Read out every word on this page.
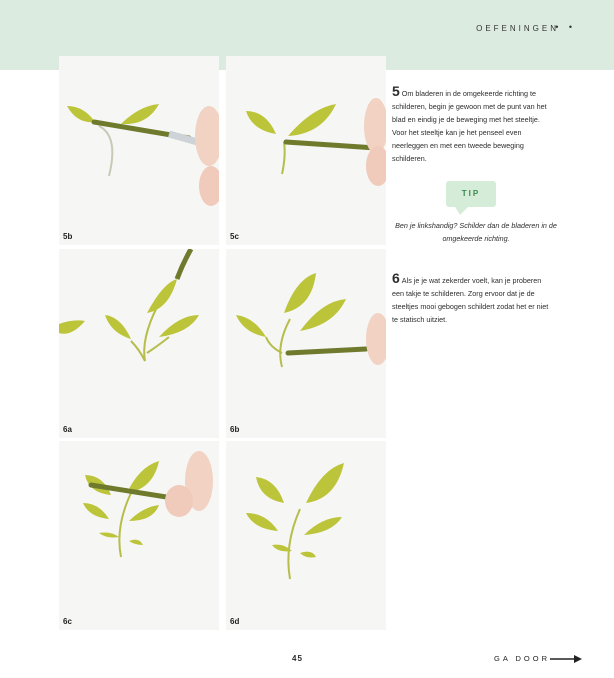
OEFENINGEN
• •
5b	5c
6a	6b
6c	6d
5 Om bladeren in de omgekeerde richting te schilderen, begin je gewoon met de punt van het blad en eindig je de beweging met het steeltje. Voor het steeltje kan je het penseel even neerleggen en met een tweede beweging schilderen.
TIP
Ben je linkshandig? Schilder dan de bladeren in de omgekeerde richting.
6 Als je je wat zekerder voelt, kan je proberen een takje te schilderen. Zorg ervoor dat je de steeltjes mooi gebogen schildert zodat het er niet te statisch uitziet.
45	GA DOOR
